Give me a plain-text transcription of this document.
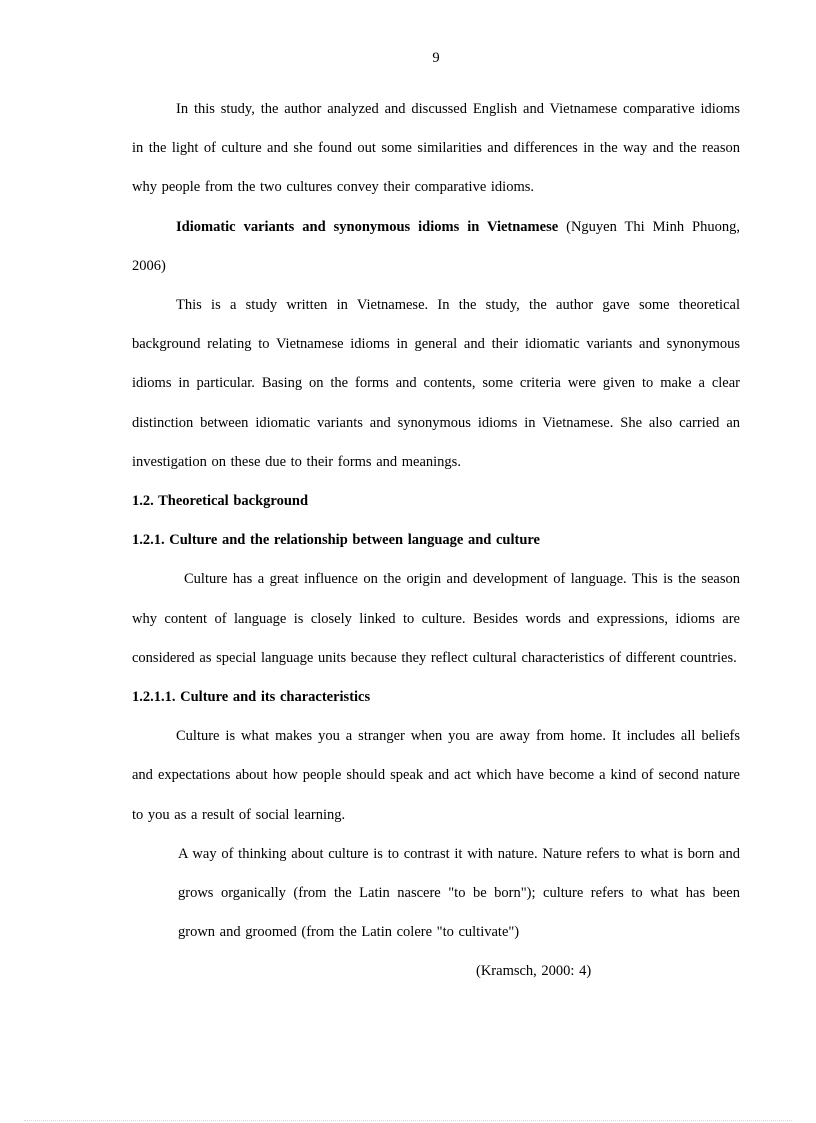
9

In this study, the author analyzed and discussed English and Vietnamese comparative idioms in the light of culture and she found out some similarities and differences in the way and the reason why people from the two cultures convey their comparative idioms.

Idiomatic variants and synonymous idioms in Vietnamese (Nguyen Thi Minh Phuong, 2006)

This is a study written in Vietnamese. In the study, the author gave some theoretical background relating to Vietnamese idioms in general and their idiomatic variants and synonymous idioms in particular. Basing on the forms and contents, some criteria were given to make a clear distinction between idiomatic variants and synonymous idioms in Vietnamese. She also carried an investigation on these due to their forms and meanings.

1.2. Theoretical background

1.2.1. Culture and the relationship between language and culture

Culture has a great influence on the origin and development of language. This is the season why content of language is closely linked to culture. Besides words and expressions, idioms are considered as special language units because they reflect cultural characteristics of different countries.

1.2.1.1. Culture and its characteristics

Culture is what makes you a stranger when you are away from home. It includes all beliefs and expectations about how people should speak and act which have become a kind of second nature to you as a result of social learning.

A way of thinking about culture is to contrast it with nature. Nature refers to what is born and grows organically (from the Latin nascere "to be born"); culture refers to what has been grown and groomed (from the Latin colere "to cultivate")

(Kramsch, 2000: 4)
